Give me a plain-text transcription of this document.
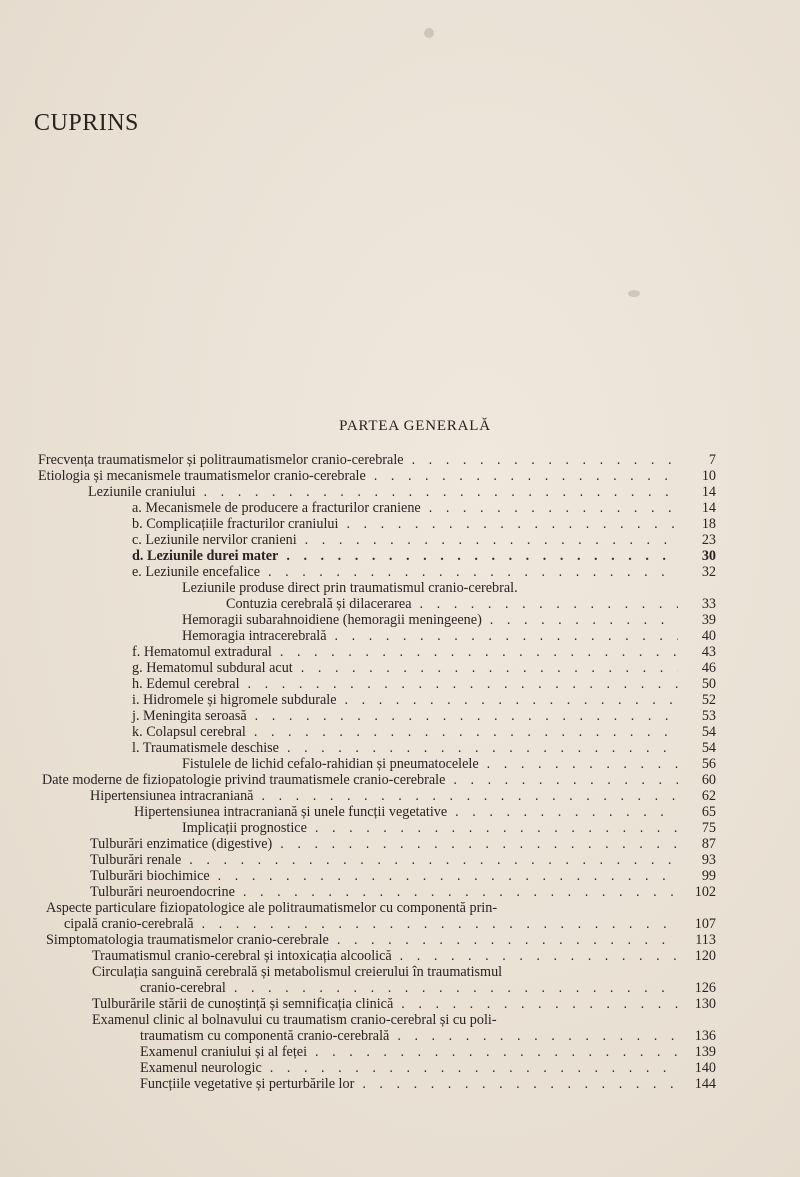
CUPRINS
PARTEA GENERALĂ
Frecvența traumatismelor și politraumatismelor cranio-cerebrale . . .	7
Etiologia și mecanismele traumatismelor cranio-cerebrale . . .	10
Leziunile craniului . . .	14
a. Mecanismele de producere a fracturilor craniene . . .	14
b. Complicațiile fracturilor craniului . . .	18
c. Leziunile nervilor cranieni . . .	23
d. Leziunile durei mater . . .	30
e. Leziunile encefalice . . .	32
Leziunile produse direct prin traumatismul cranio-cerebral.
Contuzia cerebrală și dilacerarea . . .	33
Hemoragii subarahnoidiene (hemoragii meningeene) . . .	39
Hemoragia intracerebrală . . .	40
f. Hematomul extradural . . .	43
g. Hematomul subdural acut . . .	46
h. Edemul cerebral . . .	50
i. Hidromele și higromele subdurale . . .	52
j. Meningita seroasă . . .	53
k. Colapsul cerebral . . .	54
l. Traumatismele deschise . . .	54
Fistulele de lichid cefalo-rahidian și pneumatocelele . . .	56
Date moderne de fiziopatologie privind traumatismele cranio-cerebrale . . .	60
Hipertensiunea intracraniană . . .	62
Hipertensiunea intracraniană și unele funcții vegetative . . .	65
Implicații prognostice . . .	75
Tulburări enzimatice (digestive) . . .	87
Tulburări renale . . .	93
Tulburări biochimice . . .	99
Tulburări neuroendocrine . . .	102
Aspecte particulare fiziopatologice ale politraumatismelor cu componentă prin-
cipală cranio-cerebrală . . .	107
Simptomatologia traumatismelor cranio-cerebrale . . .	113
Traumatismul cranio-cerebral și intoxicația alcoolică . . .	120
Circulația sanguină cerebrală și metabolismul creierului în traumatismul
cranio-cerebral . . .	126
Tulburările stării de cunoștință și semnificația clinică . . .	130
Examenul clinic al bolnavului cu traumatism cranio-cerebral și cu poli-
traumatism cu componentă cranio-cerebrală . . .	136
Examenul craniului și al feței . . .	139
Examenul neurologic . . .	140
Funcțiile vegetative și perturbările lor . . .	144
